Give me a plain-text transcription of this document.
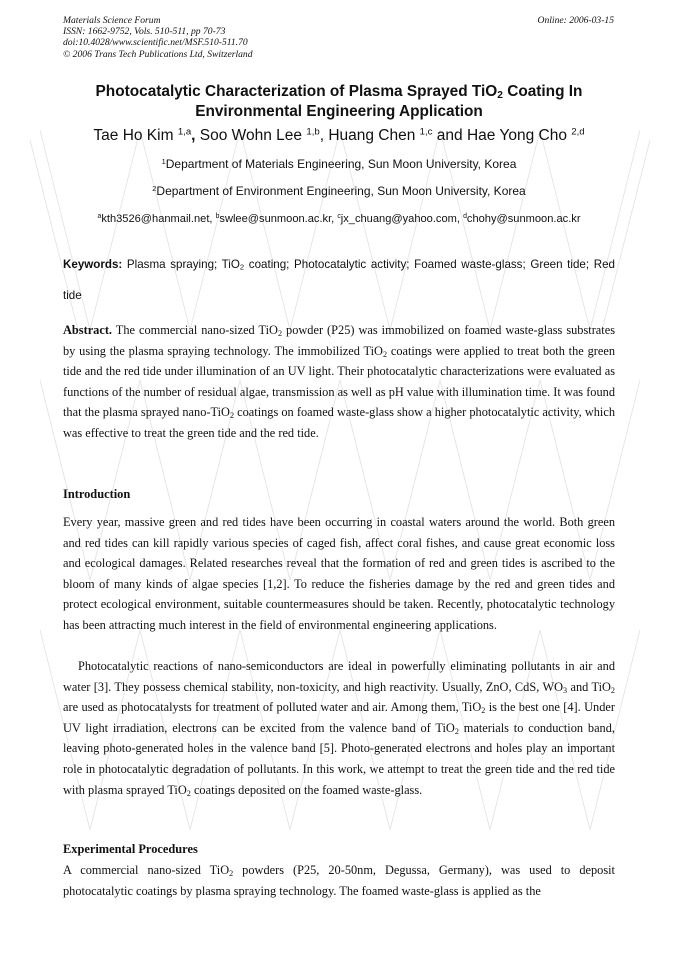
Materials Science Forum
ISSN: 1662-9752, Vols. 510-511, pp 70-73
doi:10.4028/www.scientific.net/MSF.510-511.70
© 2006 Trans Tech Publications Ltd, Switzerland
Online: 2006-03-15
Photocatalytic Characterization of Plasma Sprayed TiO$_2$ Coating In
Environmental Engineering Application
Tae Ho Kim $^{1,a}$, Soo Wohn Lee $^{1,b}$, Huang Chen $^{1,c}$ and Hae Yong Cho $^{2,d}$
$^1$Department of Materials Engineering, Sun Moon University, Korea
$^2$Department of Environment Engineering, Sun Moon University, Korea
$^a$kth3526@hanmail.net, $^b$swlee@sunmoon.ac.kr, $^c$jx_chuang@yahoo.com, $^d$chohy@sunmoon.ac.kr
Keywords: Plasma spraying; TiO$_2$ coating; Photocatalytic activity; Foamed waste-glass; Green tide; Red tide
Abstract. The commercial nano-sized TiO$_2$ powder (P25) was immobilized on foamed waste-glass substrates by using the plasma spraying technology. The immobilized TiO$_2$ coatings were applied to treat both the green tide and the red tide under illumination of an UV light. Their photocatalytic characterizations were evaluated as functions of the number of residual algae, transmission as well as pH value with illumination time. It was found that the plasma sprayed nano-TiO$_2$ coatings on foamed waste-glass show a higher photocatalytic activity, which was effective to treat the green tide and the red tide.
Introduction
Every year, massive green and red tides have been occurring in coastal waters around the world. Both green and red tides can kill rapidly various species of caged fish, affect coral fishes, and cause great economic loss and ecological damages. Related researches reveal that the formation of red and green tides is ascribed to the bloom of many kinds of algae species [1,2]. To reduce the fisheries damage by the red and green tides and protect ecological environment, suitable countermeasures should be taken. Recently, photocatalytic technology has been attracting much interest in the field of environmental engineering applications.
Photocatalytic reactions of nano-semiconductors are ideal in powerfully eliminating pollutants in air and water [3]. They possess chemical stability, non-toxicity, and high reactivity. Usually, ZnO, CdS, $WO_3$ and TiO$_2$ are used as photocatalysts for treatment of polluted water and air. Among them, TiO$_2$ is the best one [4]. Under UV light irradiation, electrons can be excited from the valence band of TiO$_2$ materials to conduction band, leaving photo-generated holes in the valence band [5]. Photo-generated electrons and holes play an important role in photocatalytic degradation of pollutants. In this work, we attempt to treat the green tide and the red tide with plasma sprayed TiO$_2$ coatings deposited on the foamed waste-glass.
Experimental Procedures
A commercial nano-sized TiO$_2$ powders (P25, 20-50nm, Degussa, Germany), was used to deposit photocatalytic coatings by plasma spraying technology. The foamed waste-glass is applied as the
